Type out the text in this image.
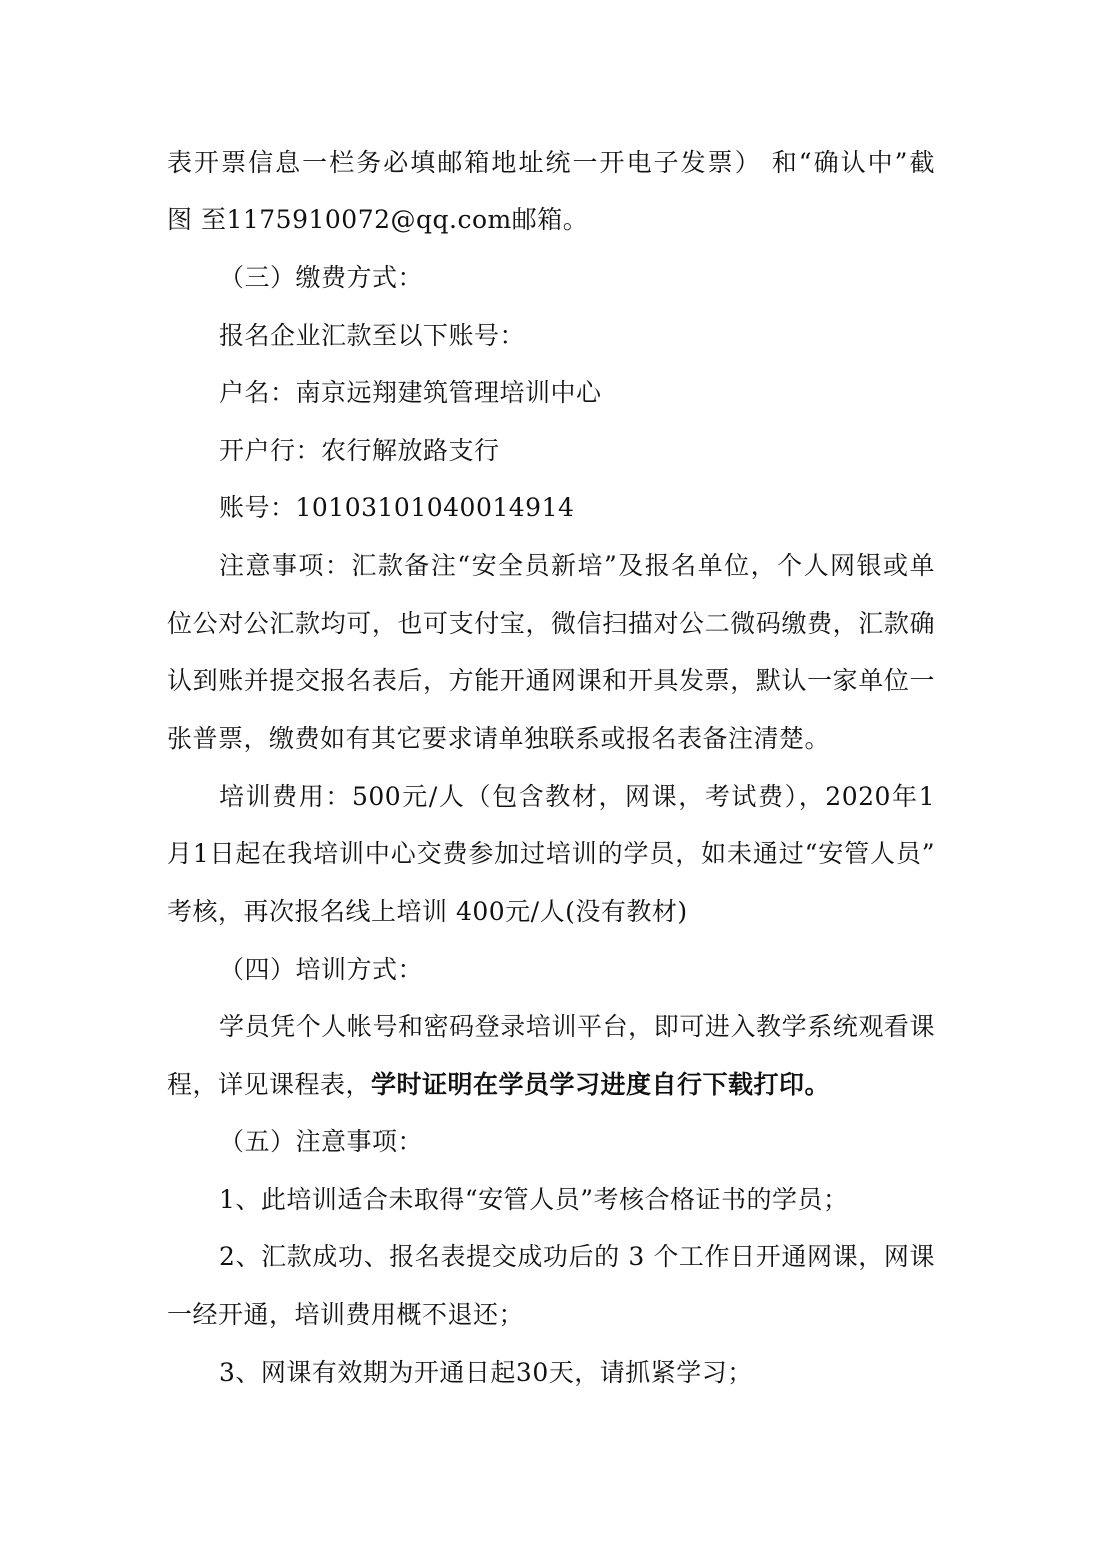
表开票信息一栏务必填邮箱地址统一开电子发票） 和“确认中”截
图 至1175910072@qq.com邮箱。
（三）缴费方式：
报名企业汇款至以下账号：
户名：南京远翔建筑管理培训中心
开户行：农行解放路支行
账号：10103101040014914
注意事项：汇款备注“安全员新培”及报名单位，个人网银或单
位公对公汇款均可，也可支付宝，微信扫描对公二微码缴费，汇款确
认到账并提交报名表后，方能开通网课和开具发票，默认一家单位一
张普票，缴费如有其它要求请单独联系或报名表备注清楚。
培训费用：500元/人（包含教材，网课，考试费），2020年1
月1日起在我培训中心交费参加过培训的学员，如未通过“安管人员”
考核，再次报名线上培训 400元/人(没有教材)
（四）培训方式：
学员凭个人帐号和密码登录培训平台，即可进入教学系统观看课
程，详见课程表，学时证明在学员学习进度自行下载打印。
（五）注意事项：
1、此培训适合未取得“安管人员”考核合格证书的学员；
2、汇款成功、报名表提交成功后的 3 个工作日开通网课，网课
一经开通，培训费用概不退还；
3、网课有效期为开通日起30天，请抓紧学习；
